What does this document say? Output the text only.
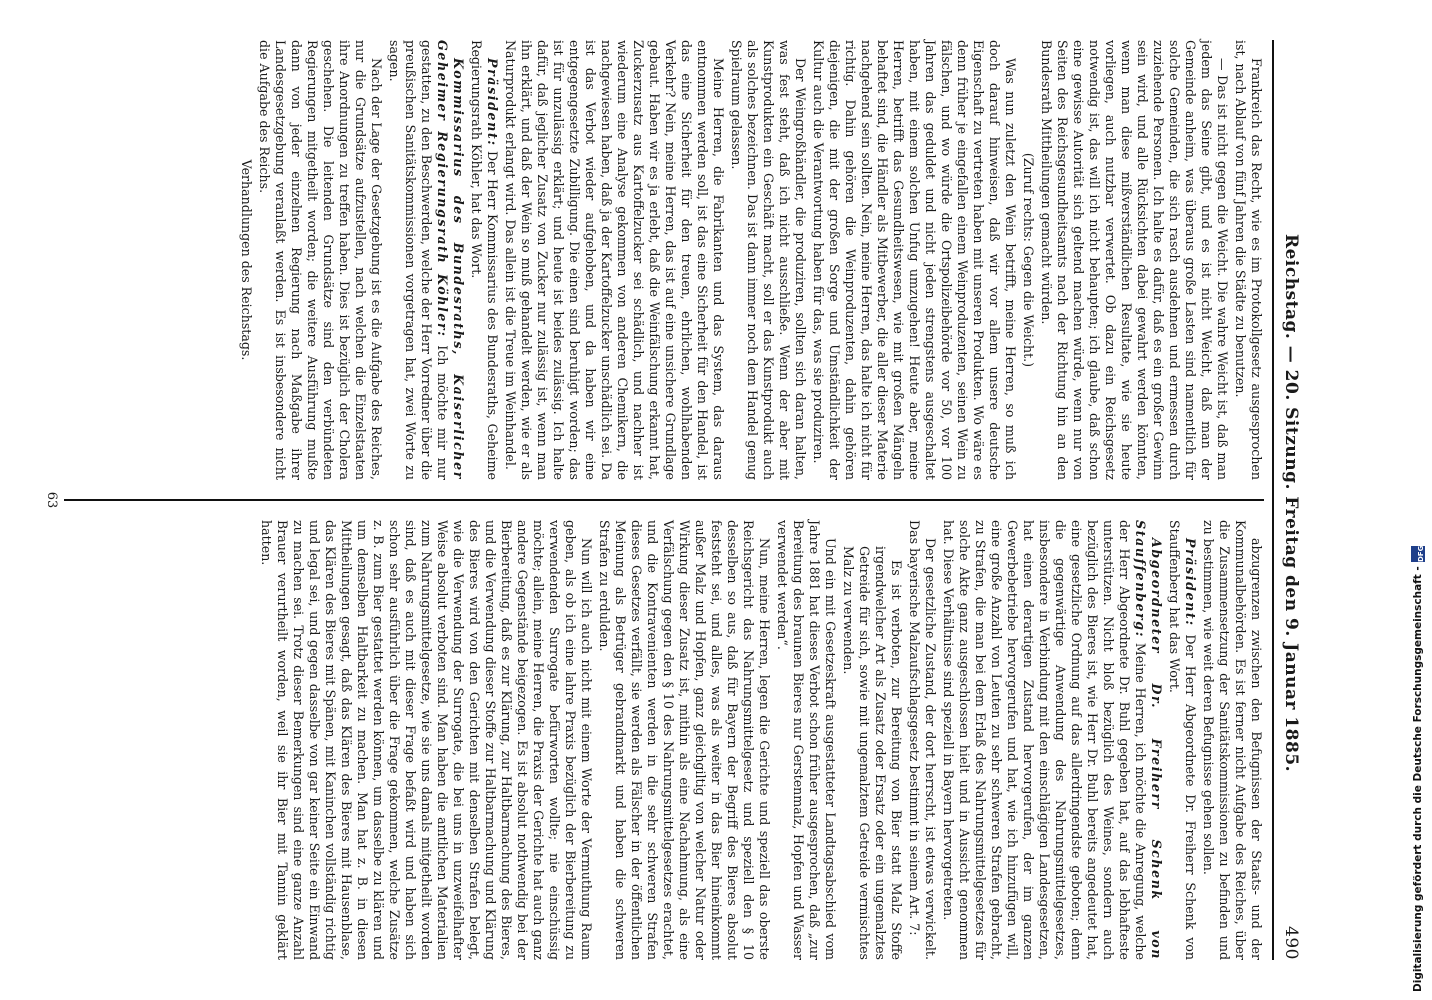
Reichstag. — 20. Sitzung. Freitag den 9. Januar 1885.
490

Frankreich das Recht, wie es im Protokollgesetz ausgesprochen ist, nach Ablauf von fünf Jahren die Städte zu benutzen.

— Das ist nicht gegen die Weicht. Die wahre Weicht ist, daß man jedem das Seine gibt, und es ist nicht Weicht, daß man der Gemeinde anheim, was überaus große Lasten sind namentlich für solche Gemeinden, die sich rasch ausdehnen und ermessen durch zuziehende Personen. Ich halte es dafür, daß es ein großer Gewinn sein wird, und alle Rücksichten dabei gewahrt werden könnten, wenn man diese mißverständlichen Resultate, wie sie heute vorliegen, auch nutzbar verwertet. Ob dazu ein Reichsgesetz notwendig ist, das will ich nicht behaupten; ich glaube, daß schon eine gewisse Autorität sich geltend machen würde, wenn nur von Seiten des Reichsgesundheitsamts nach der Richtung hin an den Bundesrath Mittheilungen gemacht würden.

(Zuruf rechts: Gegen die Weicht.)

Was nun zuletzt den Wein betrifft, meine Herren, so muß ich doch darauf hinweisen, daß wir vor allem unsere deutsche Eigenschaft zu vertreten haben mit unseren Produkten. Wo wäre es denn früher je eingefallen einem Weinproduzenten, seinen Wein zu fälschen, und wo würde die Ortspolizeibehörde vor 50, vor 100 Jahren das geduldet und nicht jeden strengstens ausgeschaltet haben, mit einem solchen Unfug umzugehen! Heute aber, meine Herren, betrifft das Gesundheitswesen, wie mit großen Mängeln behaftet sind, die Händler als Mitbewerber, die aller dieser Materie nachgehend sein sollten. Nein, meine Herren, das halte ich nicht für richtig. Dahin gehören die Weinproduzenten, dahin gehören diejenigen, die mit der großen Sorge und Umständlichkeit der Kultur auch die Verantwortung haben für das, was sie produziren.

Der Weingroßhändler, die produziren, sollten sich daran halten, was fest steht, daß ich nicht ausschließe. Wenn der aber mit Kunstprodukten ein Geschäft macht, soll er das Kunstprodukt auch als solches bezeichnen. Das ist dann immer noch dem Handel genug Spielraum gelassen.

Meine Herren, die Fabrikanten und das System, das daraus entnommen werden soll, ist das eine Sicherheit für den Handel, ist das eine Sicherheit für den treuen, ehrlichen, wohlhabenden Verkehr? Nein, meine Herren, das ist auf eine unsichere Grundlage gebaut. Haben wir es ja erlebt, daß die Weinfälschung erkannt hat, Zuckerzusatz aus Kartoffelzucker sei schädlich, und nachher ist wiederum eine Analyse gekommen von anderen Chemikern, die nachgewiesen haben, daß ja der Kartoffelzucker unschädlich sei. Da ist das Verbot wieder aufgehoben, und da haben wir eine entgegengesetzte Zubilligung. Die einen sind beruhigt worden; das ist für unzulässig erklärt; und heute ist beides zulässig. Ich halte dafür, daß jeglicher Zusatz von Zucker nur zulässig ist, wenn man ihn erklärt, und daß der Wein so muß gehandelt werden, wie er als Naturprodukt erlangt wird. Das allein ist die Treue im Weinhandel.

Präsident: Der Herr Kommissarius des Bundesraths, Geheime Regierungsrath Köhler, hat das Wort.

Kommissarius des Bundesraths, Kaiserlicher Geheimer Regierungsrath Köhler: Ich möchte mir nur gestatten, zu den Beschwerden, welche der Herr Vorredner über die preußischen Sanitätskommissionen vorgetragen hat, zwei Worte zu sagen.

Nach der Lage der Gesetzgebung ist es die Aufgabe des Reiches, nur die Grundsätze aufzustellen, nach welchen die Einzelstaaten ihre Anordnungen zu treffen haben. Dies ist bezüglich der Cholera geschehen. Die leitenden Grundsätze sind den verbündeten Regierungen mitgetheilt worden; die weitere Ausführung mußte dann von jeder einzelnen Regierung nach Maßgabe ihrer Landesgesetzgebung veranlaßt werden. Es ist insbesondere nicht die Aufgabe des Reichs.

Verhandlungen des Reichstags.

abzugrenzen zwischen den Befugnissen der Staats- und der Kommunalbehörden. Es ist ferner nicht Aufgabe des Reiches, über die Zusammensetzung der Sanitätskommissionen zu befinden und zu bestimmen, wie weit deren Befugnisse gehen sollen.

Präsident: Der Herr Abgeordnete Dr. Freiherr Schenk von Stauffenberg hat das Wort.

Abgeordneter Dr. Freiherr Schenk von Stauffenberg: Meine Herren, ich möchte die Anregung, welche der Herr Abgeordnete Dr. Buhl gegeben hat, auf das lebhafteste unterstützen. Nicht bloß bezüglich des Weines, sondern auch bezüglich des Bieres ist, wie Herr Dr. Buhl bereits angedeutet hat, eine gesetzliche Ordnung auf das allerdringendste geboten; denn die gegenwärtige Anwendung des Nahrungsmittelgesetzes, insbesondere in Verbindung mit den einschlägigen Landesgesetzen, hat einen derartigen Zustand hervorgerufen, der im ganzen Gewerbebetriebe hervorgerufen und hat, wie ich hinzufügen will, eine große Anzahl von Leuten zu sehr schweren Strafen gebracht, zu Strafen, die man bei dem Erlaß des Nahrungsmittelgesetzes für solche Akte ganz ausgeschlossen hielt und in Aussicht genommen hat. Diese Verhältnisse sind speziell in Bayern hervorgetreten.

Der gesetzliche Zustand, der dort herrscht, ist etwas verwickelt. Das bayerische Malzaufschlagsgesetz bestimmt in seinem Art. 7:

Es ist verboten, zur Bereitung von Bier statt Malz Stoffe irgendwelcher Art als Zusatz oder Ersatz oder ein ungemalztes Getreide für sich, sowie mit ungemalztem Getreide vermischtes Malz zu verwenden.

Und ein mit Gesetzeskraft ausgestatteter Landtagsabschied vom Jahre 1881 hat dieses Verbot schon früher ausgesprochen, daß „zur Bereitung des braunen Bieres nur Gerstenmalz, Hopfen und Wasser verwendet werden“.

Nun, meine Herren, legen die Gerichte und speziell das oberste Reichsgericht das Nahrungsmittelgesetz und speziell den § 10 desselben so aus, daß für Bayern der Begriff des Bieres absolut feststeht sei, und alles, was als weiter in das Bier hineinkommt außer Malz und Hopfen, ganz gleichgiltig von welcher Natur oder Wirkung dieser Zusatz ist, mithin als eine Nachahmung, als eine Verfälschung gegen den § 10 des Nahrungsmittelgesetzes erachtet, und die Kontravenienten werden in die sehr schweren Strafen dieses Gesetzes verfällt, sie werden als Fälscher in der öffentlichen Meinung als Betrüger gebrandmarkt und haben die schweren Strafen zu erdulden.

Nun will ich auch nicht mit einem Worte der Vermuthung Raum geben, als ob ich eine lahre Praxis bezüglich der Bierbereitung zu verwendenden Surrogate befürworten wollte; nie einschüssig möchte; allein, meine Herren, die Praxis der Gerichte hat auch ganz andere Gegenstände beigezogen. Es ist absolut nothwendig bei der Bierbereitung, daß es zur Klärung, zur Haltbarmachung des Bieres, und die Verwendung dieser Stoffe zur Haltbarmachung und Klärung des Bieres wird von den Gerichten mit denselben Strafen belegt, wie die Verwendung der Surrogate, die bei uns in unzweifelhafter Weise absolut verboten sind. Man haben die amtlichen Materialien zum Nahrungsmittelgesetze, wie sie uns damals mitgetheilt worden sind, daß es auch mit dieser Frage befaßt wird und haben sich schon sehr ausführlich über die Frage gekommen, welche Zusätze z. B. zum Bier gestattet werden können, um dasselbe zu klären und um demselben Haltbarkeit zu machen. Man hat z. B. in diesen Mittheilungen gesagt, daß das Klären des Bieres mit Hausenblase, das Klären des Bieres mit Spänen, mit Kaninchen vollständig richtig und legal sei, und gegen dasselbe von gar keiner Seite ein Einwand zu machen sei. Trotz dieser Bemerkungen sind eine ganze Anzahl Brauer verurtheilt worden, weil sie ihr Bier mit Tannin geklärt hatten.

63
Digitalisierung gefördert durch die Deutsche Forschungsgemeinschaft -
DFG
